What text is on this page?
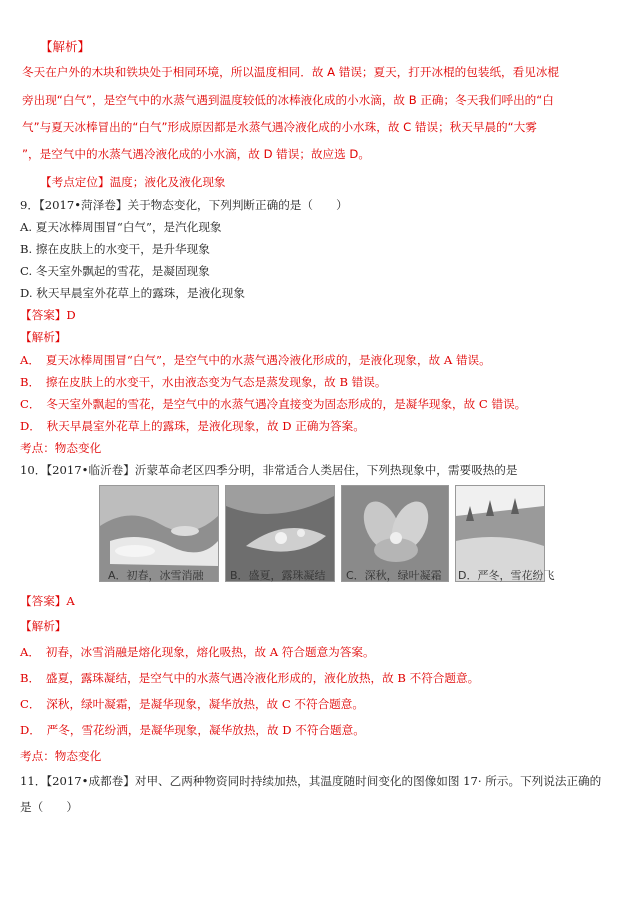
【解析】
冬天在户外的木块和铁块处于相同环境，所以温度相同．故 A 错误；夏天，打开冰棍的包装纸，看见冰棍
旁出现“白气”，是空气中的水蒸气遇到温度较低的冰棒液化成的小水滴，故 B 正确；冬天我们呼出的“白
气”与夏天冰棒冒出的“白气”形成原因都是水蒸气遇冷液化成的小水珠，故 C 错误；秋天早晨的“大雾
”，是空气中的水蒸气遇冷液化成的小水滴，故 D 错误；故应选 D。
【考点定位】温度；液化及液化现象
9．【2017•菏泽卷】关于物态变化，下列判断正确的是（　　）
A. 夏天冰棒周围冒“白气”，是汽化现象
B. 擦在皮肤上的水变干，是升华现象
C. 冬天室外飘起的雪花，是凝固现象
D. 秋天早晨室外花草上的露珠，是液化现象
【答案】D
【解析】
A．　夏天冰棒周围冒“白气”，是空气中的水蒸气遇冷液化形成的，是液化现象，故 A 错误。
B．　擦在皮肤上的水变干，水由液态变为气态是蒸发现象，故 B 错误。
C．　冬天室外飘起的雪花，是空气中的水蒸气遇冷直接变为固态形成的，是凝华现象，故 C 错误。
D．　秋天早晨室外花草上的露珠，是液化现象，故 D 正确为答案。
考点：物态变化
10．【2017•临沂卷】沂蒙革命老区四季分明，非常适合人类居住，下列热现象中，需要吸热的是
A．初春，冰雪消融 B．盛夏，露珠凝结 C．深秋，绿叶凝霜 D．严冬，雪花纷飞
【答案】A
【解析】
A．　初春，冰雪消融是熔化现象，熔化吸热，故 A 符合题意为答案。
B．　盛夏，露珠凝结，是空气中的水蒸气遇冷液化形成的，液化放热，故 B 不符合题意。
C．　深秋，绿叶凝霜，是凝华现象，凝华放热，故 C 不符合题意。
D．　严冬，雪花纷洒，是凝华现象，凝华放热，故 D 不符合题意。
考点：物态变化
11．【2017•成都卷】对甲、乙两种物资同时持续加热，其温度随时间变化的图像如图 17· 所示。下列说法正确的
是（　　）
